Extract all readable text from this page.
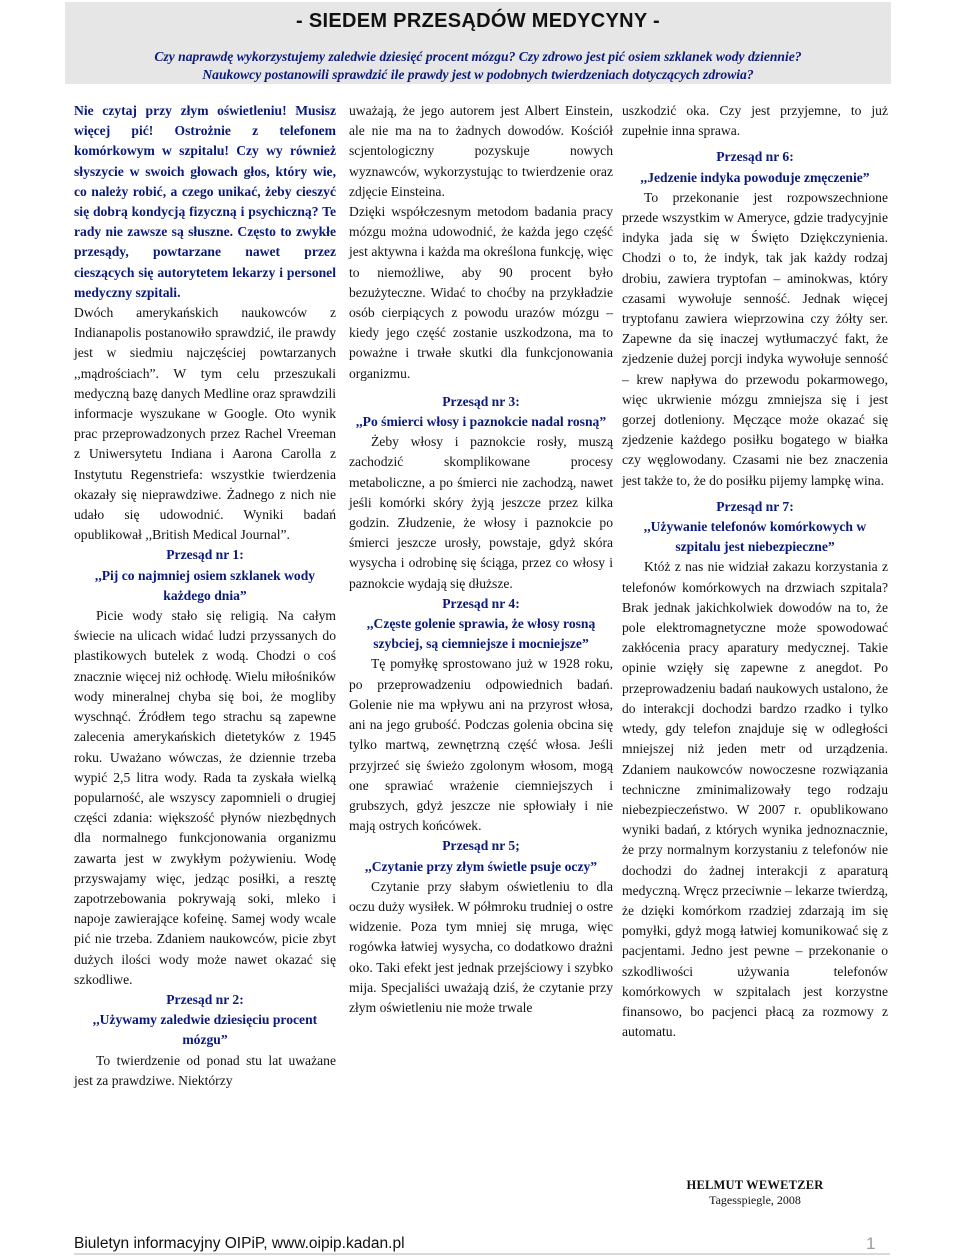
- SIEDEM PRZESĄDÓW MEDYCYNY -
Czy naprawdę wykorzystujemy zaledwie dziesięć procent mózgu? Czy zdrowo jest pić osiem szklanek wody dziennie?
Naukowcy postanowili sprawdzić ile prawdy jest w podobnych twierdzeniach dotyczących zdrowia?

Nie czytaj przy złym oświetleniu! Musisz więcej pić! Ostrożnie z telefonem komórkowym w szpitalu! Czy wy również słyszycie w swoich głowach głos, który wie, co należy robić, a czego unikać, żeby cieszyć się dobrą kondycją fizyczną i psychiczną? Te rady nie zawsze są słuszne. Często to zwykłe przesądy, powtarzane nawet przez cieszących się autorytetem lekarzy i personel medyczny szpitali.

Dwóch amerykańskich naukowców z Indianapolis postanowiło sprawdzić, ile prawdy jest w siedmiu najczęściej powtarzanych ,,mądrościach”. W tym celu przeszukali medyczną bazę danych Medline oraz sprawdzili informacje wyszukane w Google. Oto wynik prac przeprowadzonych przez Rachel Vreeman z Uniwersytetu Indiana i Aarona Carolla z Instytutu Regenstriefa: wszystkie twierdzenia okazały się nieprawdziwe. Żadnego z nich nie udało się udowodnić. Wyniki badań opublikował ,,British Medical Journal”.

Przesąd nr 1:

,,Pij co najmniej osiem szklanek wody każdego dnia”

Picie wody stało się religią. Na całym świecie na ulicach widać ludzi przyssanych do plastikowych butelek z wodą. Chodzi o coś znacznie więcej niż ochłodę. Wielu miłośników wody mineralnej chyba się boi, że mogliby wyschnąć. Źródłem tego strachu są zapewne zalecenia amerykańskich dietetyków z 1945 roku. Uważano wówczas, że dziennie trzeba wypić 2,5 litra wody. Rada ta zyskała wielką popularność, ale wszyscy zapomnieli o drugiej części zdania: większość płynów niezbędnych dla normalnego funkcjonowania organizmu zawarta jest w zwykłym pożywieniu. Wodę przyswajamy więc, jedząc posiłki, a resztę zapotrzebowania pokrywają soki, mleko i napoje zawierające kofeinę. Samej wody wcale pić nie trzeba. Zdaniem naukowców, picie zbyt dużych ilości wody może nawet okazać się szkodliwe.

Przesąd nr 2:

,,Używamy zaledwie dziesięciu procent mózgu”

To twierdzenie od ponad stu lat uważane jest za prawdziwe. Niektórzy

uważają, że jego autorem jest Albert Einstein, ale nie ma na to żadnych dowodów. Kościół scjentologiczny pozyskuje nowych wyznawców, wykorzystując to twierdzenie oraz zdjęcie Einsteina.

Dzięki współczesnym metodom badania pracy mózgu można udowodnić, że każda jego część jest aktywna i każda ma określona funkcję, więc to niemożliwe, aby 90 procent było bezużyteczne. Widać to choćby na przykładzie osób cierpiących z powodu urazów mózgu – kiedy jego część zostanie uszkodzona, ma to poważne i trwałe skutki dla funkcjonowania organizmu.

Przesąd nr 3:

,,Po śmierci włosy i paznokcie nadal rosną”

Żeby włosy i paznokcie rosły, muszą zachodzić skomplikowane procesy metaboliczne, a po śmierci nie zachodzą, nawet jeśli komórki skóry żyją jeszcze przez kilka godzin. Złudzenie, że włosy i paznokcie po śmierci jeszcze urosły, powstaje, gdyż skóra wysycha i odrobinę się ściąga, przez co włosy i paznokcie wydają się dłuższe.

Przesąd nr 4:

,,Częste golenie sprawia, że włosy rosną szybciej, są ciemniejsze i mocniejsze”

Tę pomyłkę sprostowano już w 1928 roku, po przeprowadzeniu odpowiednich badań. Golenie nie ma wpływu ani na przyrost włosa, ani na jego grubość. Podczas golenia obcina się tylko martwą, zewnętrzną część włosa. Jeśli przyjrzeć się świeżo zgolonym włosom, mogą one sprawiać wrażenie ciemniejszych i grubszych, gdyż jeszcze nie spłowiały i nie mają ostrych końcówek.

Przesąd nr 5;

,,Czytanie przy złym świetle psuje oczy”

Czytanie przy słabym oświetleniu to dla oczu duży wysiłek. W półmroku trudniej o ostre widzenie. Poza tym mniej się mruga, więc rogówka łatwiej wysycha, co dodatkowo drażni oko. Taki efekt jest jednak przejściowy i szybko mija. Specjaliści uważają dziś, że czytanie przy złym oświetleniu nie może trwale

uszkodzić oka. Czy jest przyjemne, to już zupełnie inna sprawa.

Przesąd nr 6:

,,Jedzenie indyka powoduje zmęczenie”

To przekonanie jest rozpowszechnione przede wszystkim w Ameryce, gdzie tradycyjnie indyka jada się w Święto Dziękczynienia. Chodzi o to, że indyk, tak jak każdy rodzaj drobiu, zawiera tryptofan – aminokwas, który czasami wywołuje senność. Jednak więcej tryptofanu zawiera wieprzowina czy żółty ser. Zapewne da się inaczej wytłumaczyć fakt, że zjedzenie dużej porcji indyka wywołuje senność – krew napływa do przewodu pokarmowego, więc ukrwienie mózgu zmniejsza się i jest gorzej dotleniony. Męczące może okazać się zjedzenie każdego posiłku bogatego w białka czy węglowodany. Czasami nie bez znaczenia jest także to, że do posiłku pijemy lampkę wina.

Przesąd nr 7:

,,Używanie telefonów komórkowych w szpitalu jest niebezpieczne”

Któż z nas nie widział zakazu korzystania z telefonów komórkowych na drzwiach szpitala? Brak jednak jakichkolwiek dowodów na to, że pole elektromagnetyczne może spowodować zakłócenia pracy aparatury medycznej. Takie opinie wzięły się zapewne z anegdot. Po przeprowadzeniu badań naukowych ustalono, że do interakcji dochodzi bardzo rzadko i tylko wtedy, gdy telefon znajduje się w odległości mniejszej niż jeden metr od urządzenia. Zdaniem naukowców nowoczesne rozwiązania techniczne zminimalizowały tego rodzaju niebezpieczeństwo. W 2007 r. opublikowano wyniki badań, z których wynika jednoznacznie, że przy normalnym korzystaniu z telefonów nie dochodzi do żadnej interakcji z aparaturą medyczną. Wręcz przeciwnie – lekarze twierdzą, że dzięki komórkom rzadziej zdarzają im się pomyłki, gdyż mogą łatwiej komunikować się z pacjentami. Jedno jest pewne – przekonanie o szkodliwości używania telefonów komórkowych w szpitalach jest korzystne finansowo, bo pacjenci płacą za rozmowy z automatu.

HELMUT WEWETZER
Tagesspiegle, 2008
Biuletyn informacyjny OIPiP, www.oipip.kadan.pl	1
